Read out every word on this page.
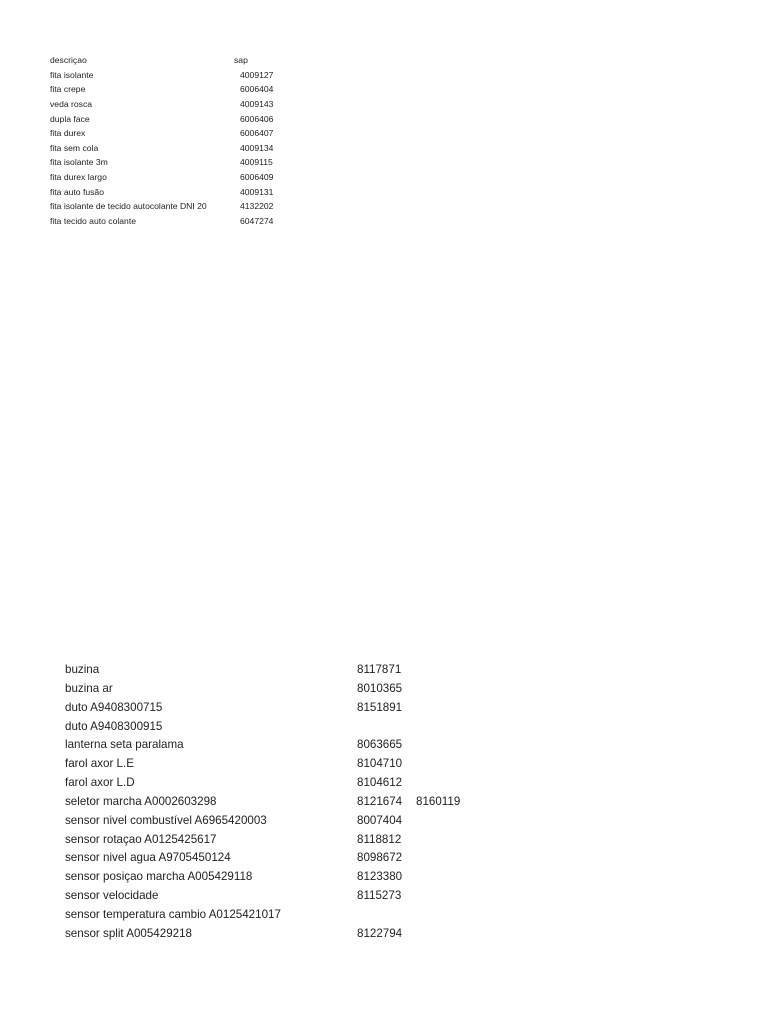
descriçao	sap
fita isolante	4009127
fita crepe	6006404
veda rosca	4009143
dupla face	6006406
fita durex	6006407
fita sem cola	4009134
fita isolante 3m	4009115
fita durex largo	6006409
fita auto fusão	4009131
fita isolante de tecido autocolante DNI 20	4132202
fita tecido auto colante	6047274
buzina	8117871
buzina ar	8010365
duto A9408300715	8151891
duto A9408300915
lanterna seta paralama	8063665
farol axor L.E	8104710
farol axor L.D	8104612
seletor marcha A0002603298	8121674 8160119
sensor nivel combustível A6965420003	8007404
sensor rotaçao A0125425617	8118812
sensor nivel agua A9705450124	8098672
sensor posiçao marcha A005429118	8123380
sensor velocidade	8115273
sensor temperatura cambio A0125421017
sensor split A005429218	8122794
